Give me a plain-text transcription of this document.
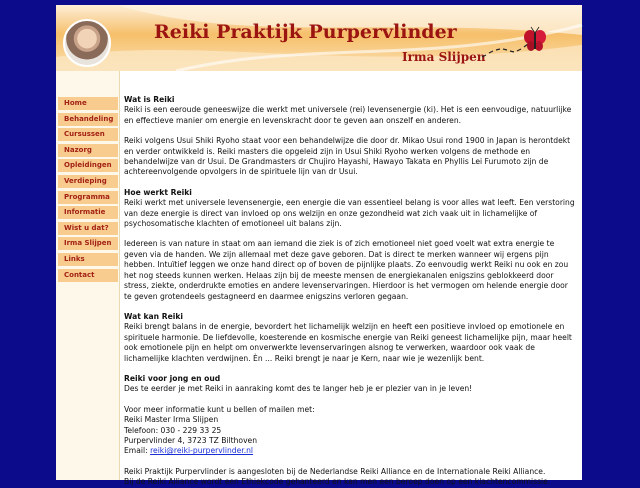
Reiki Praktijk Purpervlinder
Irma Slijpen
Home
Behandeling
Cursussen
Nazorg
Opleidingen
Verdieping
Programma
Informatie
Wist u dat?
Irma Slijpen
Links
Contact
Wat is Reiki

Reiki is een eeroude geneeswijze die werkt met universele (rei) levensenergie (ki). Het is een eenvoudige, natuurlijke en effectieve manier om energie en levenskracht door te geven aan onszelf en anderen.

Reiki volgens Usui Shiki Ryoho staat voor een behandelwijze die door dr. Mikao Usui rond 1900 in Japan is herontdekt en verder ontwikkeld is. Reiki masters die opgeleid zijn in Usui Shiki Ryoho werken volgens de methode en behandelwijze van dr Usui. De Grandmasters dr Chujiro Hayashi, Hawayo Takata en Phyllis Lei Furumoto zijn de achtereenvolgende opvolgers in de spirituele lijn van dr Usui.

Hoe werkt Reiki

Reiki werkt met universele levensenergie, een energie die van essentieel belang is voor alles wat leeft. Een verstoring van deze energie is direct van invloed op ons welzijn en onze gezondheid wat zich vaak uit in lichamelijke of psychosomatische klachten of emotioneel uit balans zijn.

Iedereen is van nature in staat om aan iemand die ziek is of zich emotioneel niet goed voelt wat extra energie te geven via de handen. We zijn allemaal met deze gave geboren. Dat is direct te merken wanneer wij ergens pijn hebben. Intuïtief leggen we onze hand direct op of boven de pijnlijke plaats. Zo eenvoudig werkt Reiki nu ook en zou het nog steeds kunnen werken. Helaas zijn bij de meeste mensen de energiekanalen enigszins geblokkeerd door stress, ziekte, onderdrukte emoties en andere levenservaringen. Hierdoor is het vermogen om helende energie door te geven grotendeels gestagneerd en daarmee enigszins verloren gegaan.

Wat kan Reiki

Reiki brengt balans in de energie, bevordert het lichamelijk welzijn en heeft een positieve invloed op emotionele en spirituele harmonie. De liefdevolle, koesterende en kosmische energie van Reiki geneest lichamelijke pijn, maar heelt ook emotionele pijn en helpt om onverwerkte levenservaringen alsnog te verwerken, waardoor ook vaak de lichamelijke klachten verdwijnen. Èn ... Reiki brengt je naar je Kern, naar wie je wezenlijk bent.

Reiki voor jong en oud

Des te eerder je met Reiki in aanraking komt des te langer heb je er plezier van in je leven!

Voor meer informatie kunt u bellen of mailen met:

Reiki Master Irma Slijpen

Telefoon: 030 - 229 33 25

Purpervlinder 4, 3723 TZ Bilthoven

Email: reiki@reiki-purpervlinder.nl

Reiki Praktijk Purpervlinder is aangesloten bij de Nederlandse Reiki Alliance en de Internationale Reiki Alliance.

Bij de Reiki Alliance wordt een Ethiekcode gehanteerd en kan men een beroep doen op een klachtencommissie.
